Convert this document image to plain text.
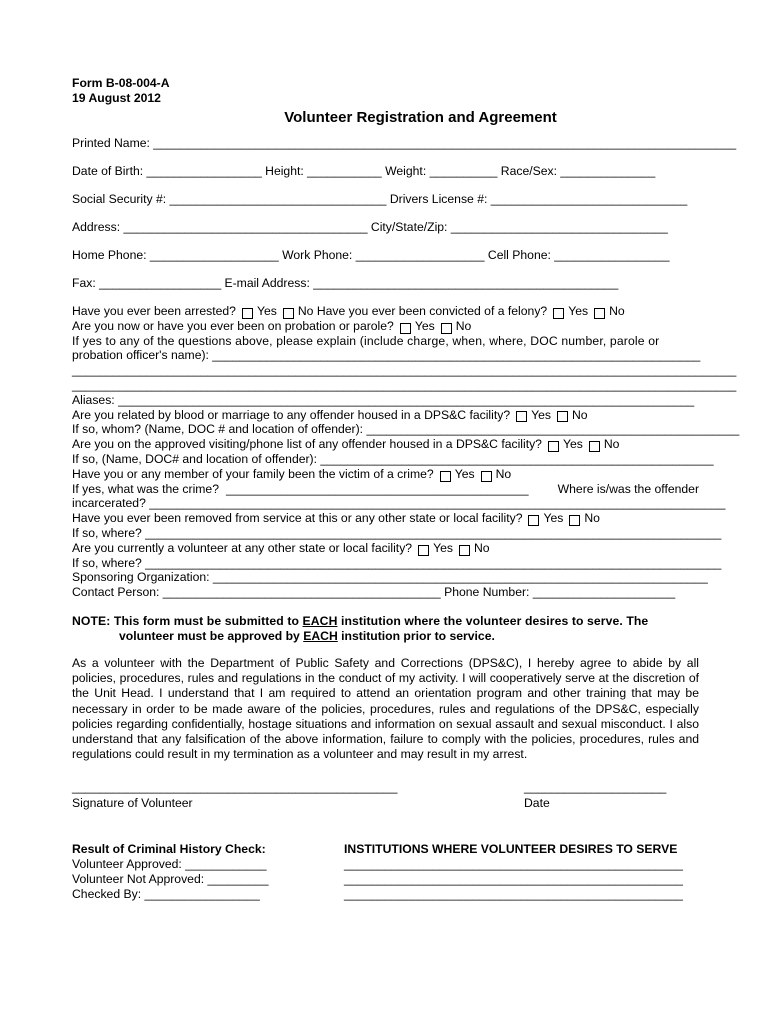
Form B-08-004-A
19 August 2012
Volunteer Registration and Agreement
Printed Name: ______________________________________________________________________________________
Date of Birth: _________________ Height: ___________ Weight: __________ Race/Sex: ______________
Social Security #: ________________________________ Drivers License #: _____________________________
Address: ____________________________________ City/State/Zip: ________________________________
Home Phone: ___________________ Work Phone: ___________________ Cell Phone: _________________
Fax: __________________ E-mail Address: _____________________________________________
Have you ever been arrested? Yes No
Have you ever been convicted of a felony? Yes No
Are you now or have you ever been on probation or parole? Yes No
If yes to any of the questions above, please explain (include charge, when, where, DOC number, parole or
probation officer's name): ________________________________________________________________________
__________________________________________________________________________________________________
__________________________________________________________________________________________________
Aliases: _____________________________________________________________________________________
Are you related by blood or marriage to any offender housed in a DPS&C facility? Yes No
If so, whom? (Name, DOC # and location of offender): _______________________________________________________
Are you on the approved visiting/phone list of any offender housed in a DPS&C facility? Yes No
If so, (Name, DOC# and location of offender): __________________________________________________________
Have you or any member of your family been the victim of a crime? Yes No
If yes, what was the crime? ____________________________________________	Where is/was the offender
incarcerated? _____________________________________________________________________________________
Have you ever been removed from service at this or any other state or local facility? Yes No
If so, where? _____________________________________________________________________________________
Are you currently a volunteer at any other state or local facility? Yes No
If so, where? _____________________________________________________________________________________
Sponsoring Organization: _________________________________________________________________________
Contact Person: _________________________________________ Phone Number: _____________________
NOTE: This form must be submitted to EACH institution where the volunteer desires to serve. The
volunteer must be approved by EACH institution prior to service.
As a volunteer with the Department of Public Safety and Corrections (DPS&C), I hereby agree to abide by all policies, procedures, rules and regulations in the conduct of my activity. I will cooperatively serve at the discretion of the Unit Head. I understand that I am required to attend an orientation program and other training that may be necessary in order to be made aware of the policies, procedures, rules and regulations of the DPS&C, especially policies regarding confidentially, hostage situations and information on sexual assault and sexual misconduct. I also understand that any falsification of the above information, failure to comply with the policies, procedures, rules and regulations could result in my termination as a volunteer and may result in my arrest.
________________________________________________
Signature of Volunteer
_____________________
Date
Result of Criminal History Check:
Volunteer Approved: ____________
Volunteer Not Approved: _________
Checked By: _________________
INSTITUTIONS WHERE VOLUNTEER DESIRES TO SERVE
__________________________________________________
__________________________________________________
__________________________________________________
